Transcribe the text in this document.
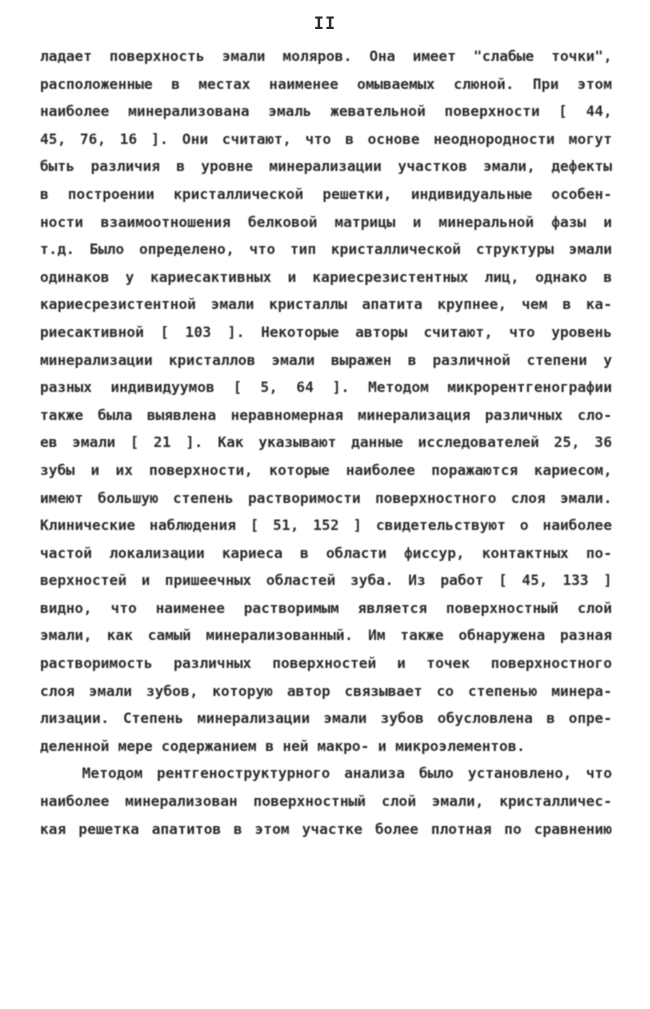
II
ладает поверхность эмали моляров. Она имеет "слабые точки",
расположенные в местах наименее омываемых слюной. При этом
наиболее минерализована эмаль жевательной поверхности [ 44,
45, 76, 16 ]. Они считают, что в основе неоднородности могут
быть различия в уровне минерализации участков эмали, дефекты
в построении кристаллической решетки, индивидуальные особен-
ности взаимоотношения белковой матрицы и минеральной фазы и
т.д. Было определено, что тип кристаллической структуры эмали
одинаков у кариесактивных и кариесрезистентных лиц, однако в
кариесрезистентной эмали кристаллы апатита крупнее, чем в ка-
риесактивной [ 103 ]. Некоторые авторы считают, что уровень
минерализации кристаллов эмали выражен в различной степени у
разных индивидуумов [ 5, 64 ]. Методом микрорентгенографии
также была выявлена неравномерная минерализация различных сло-
ев эмали [ 21 ]. Как указывают данные исследователей 25, 36
зубы и их поверхности, которые наиболее поражаются кариесом,
имеют большую степень растворимости поверхностного слоя эмали.
Клинические наблюдения [ 51, 152 ] свидетельствуют о наиболее
частой локализации кариеса в области фиссур, контактных по-
верхностей и пришеечных областей зуба. Из работ [ 45, 133 ]
видно, что наименее растворимым является поверхностный слой
эмали, как самый минерализованный. Им также обнаружена разная
растворимость различных поверхностей и точек поверхностного
слоя эмали зубов, которую автор связывает со степенью минера-
лизации. Степень минерализации эмали зубов обусловлена в опре-
деленной мере содержанием в ней макро- и микроэлементов.
Методом рентгеноструктурного анализа было установлено, что
наиболее минерализован поверхностный слой эмали, кристалличес-
кая решетка апатитов в этом участке более плотная по сравнению
